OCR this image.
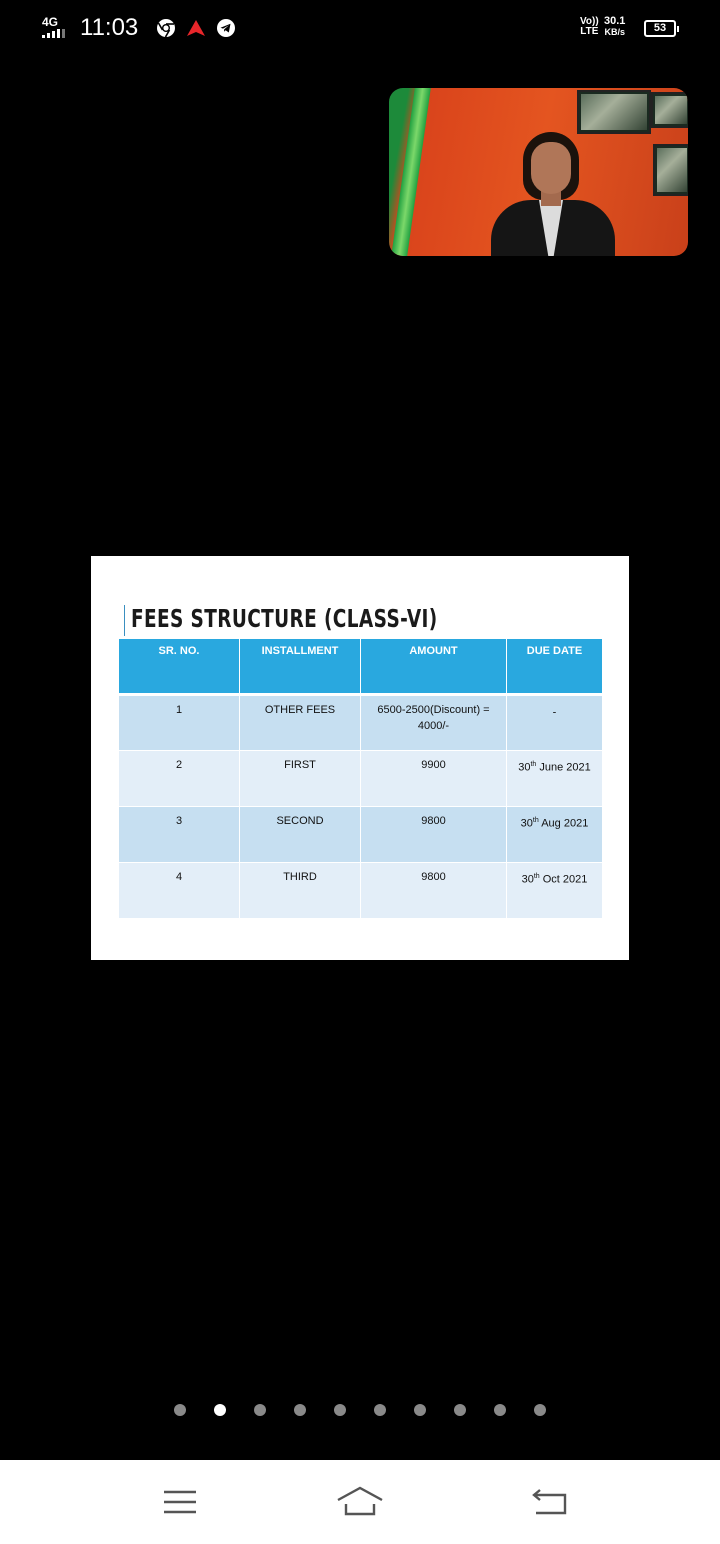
4G 11:03	Vo))
LTE
30.1
KB/s	53
FEES STRUCTURE (CLASS-VI)
SR. NO.	INSTALLMENT	AMOUNT	DUE DATE
1	OTHER FEES	6500-2500(Discount) = 4000/-	-
2	FIRST	9900	30th June 2021
3	SECOND	9800	30th Aug 2021
4	THIRD	9800	30th Oct 2021
